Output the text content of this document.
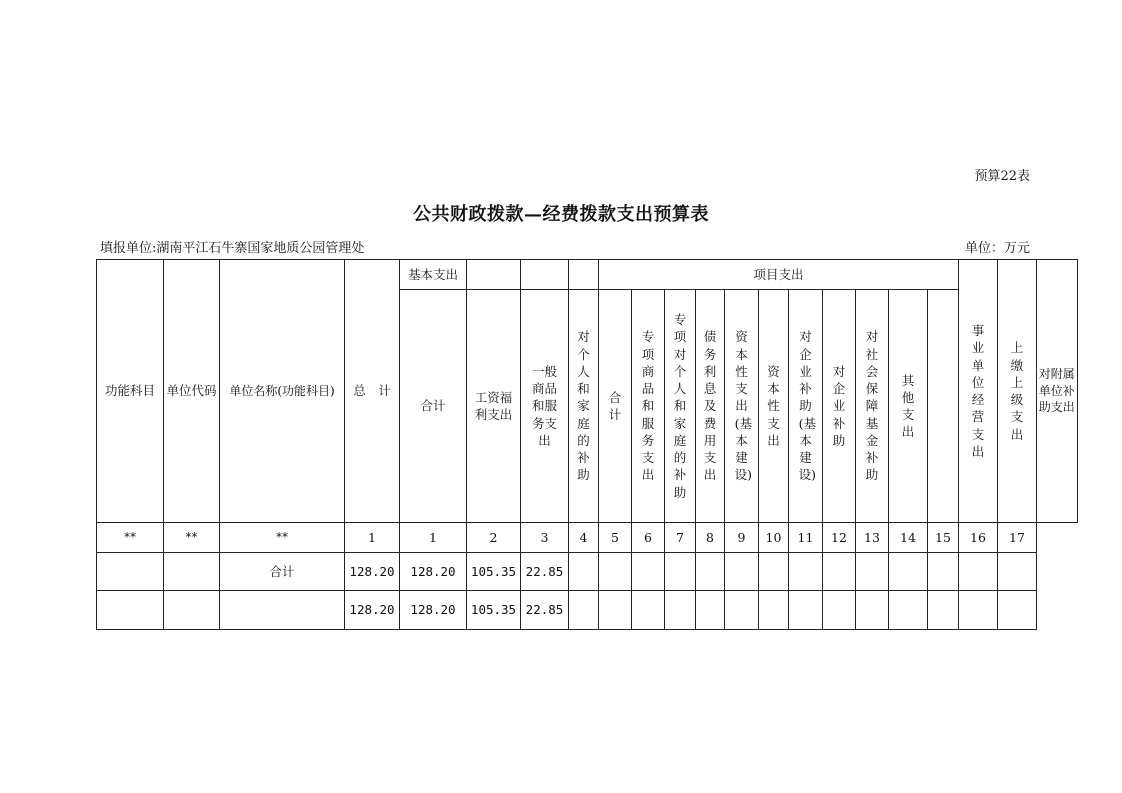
预算22表
公共财政拨款—经费拨款支出预算表
填报单位:湖南平江石牛寨国家地质公园管理处	单位：万元
功能科目	单位代码	单位名称(功能科目)	总　计	基本支出				项目支出											事业单位经营支出	上缴上级支出	对附属单位补助支出
				合计	工资福利支出	一般商品和服务支出	对个人和家庭的补助	合计	专项商品和服务支出	专项对个人和家庭的补助	债务利息及费用支出	资本性支出(基本建设)	资本性支出	对企业补助(基本建设)	对企业补助	对社会保障基金补助	其他支出				
**	**	**	1	1	2	3	4	5	6	7	8	9	10	11	12	13	14	15	16	17	
		合计	128.20	128.20	105.35	22.85															
			128.20	128.20	105.35	22.85															
